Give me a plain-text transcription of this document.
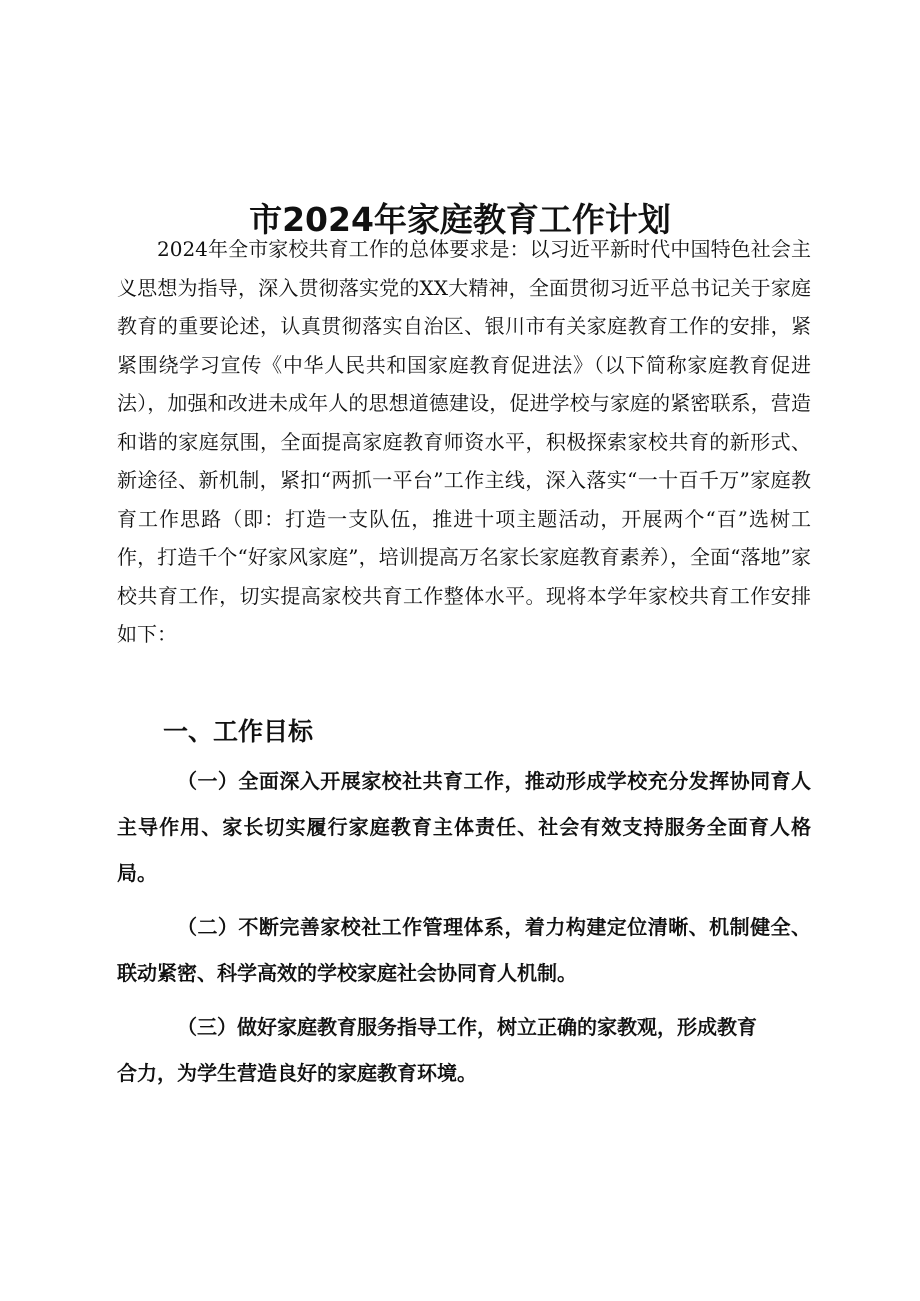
市2024年家庭教育工作计划

2024年全市家校共育工作的总体要求是：以习近平新时代中国特色社会主义思想为指导，深入贯彻落实党的XX大精神，全面贯彻习近平总书记关于家庭教育的重要论述，认真贯彻落实自治区、银川市有关家庭教育工作的安排，紧紧围绕学习宣传《中华人民共和国家庭教育促进法》（以下简称家庭教育促进法），加强和改进未成年人的思想道德建设，促进学校与家庭的紧密联系，营造和谐的家庭氛围，全面提高家庭教育师资水平，积极探索家校共育的新形式、新途径、新机制，紧扣“两抓一平台”工作主线，深入落实“一十百千万”家庭教育工作思路（即：打造一支队伍，推进十项主题活动，开展两个“百”选树工作，打造千个“好家风家庭”，培训提高万名家长家庭教育素养），全面“落地”家校共育工作，切实提高家校共育工作整体水平。现将本学年家校共育工作安排如下：

一、工作目标

（一）全面深入开展家校社共育工作，推动形成学校充分发挥协同育人主导作用、家长切实履行家庭教育主体责任、社会有效支持服务全面育人格局。

（二）不断完善家校社工作管理体系，着力构建定位清晰、机制健全、联动紧密、科学高效的学校家庭社会协同育人机制。

（三）做好家庭教育服务指导工作，树立正确的家教观，形成教育合力，为学生营造良好的家庭教育环境。
